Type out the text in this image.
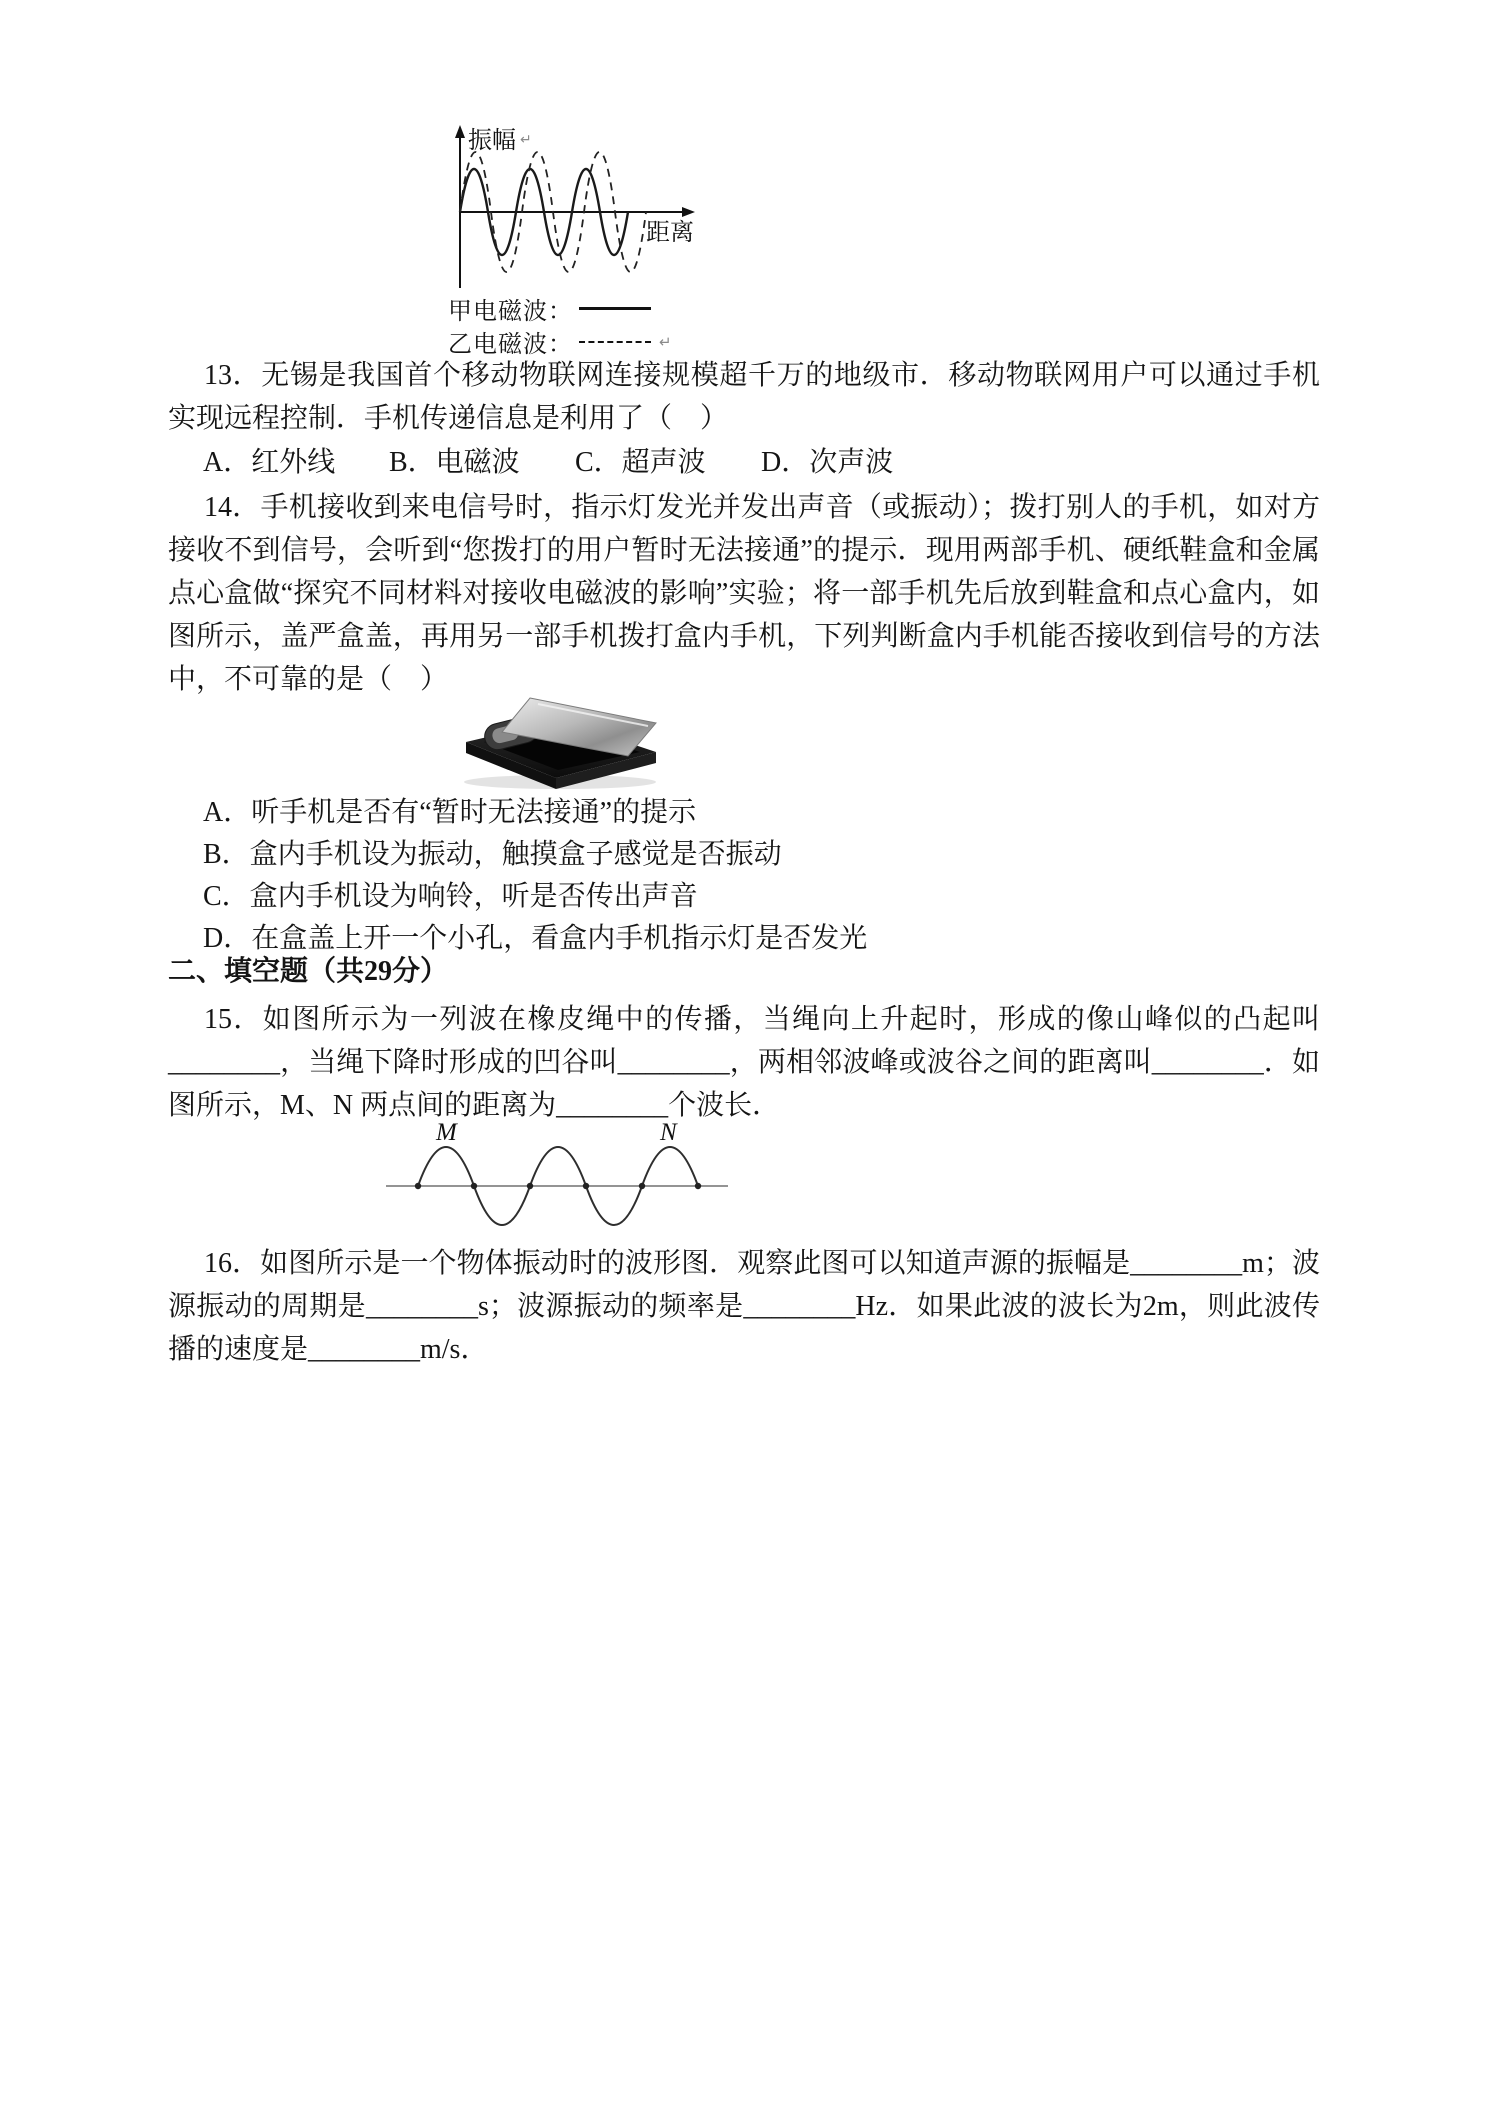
振幅 ↵
距离
甲电磁波：
乙电磁波：	↵

13．无锡是我国首个移动物联网连接规模超千万的地级市．移动物联网用户可以通过手机实现远程控制．手机传递信息是利用了（　）

A．红外线 B．电磁波 C．超声波 D．次声波

14．手机接收到来电信号时，指示灯发光并发出声音（或振动）；拨打别人的手机，如对方接收不到信号，会听到“您拨打的用户暂时无法接通”的提示．现用两部手机、硬纸鞋盒和金属点心盒做“探究不同材料对接收电磁波的影响”实验；将一部手机先后放到鞋盒和点心盒内，如图所示，盖严盒盖，再用另一部手机拨打盒内手机，下列判断盒内手机能否接收到信号的方法中，不可靠的是（　）

A．听手机是否有“暂时无法接通”的提示
B．盒内手机设为振动，触摸盒子感觉是否振动
C．盒内手机设为响铃，听是否传出声音
D．在盒盖上开一个小孔，看盒内手机指示灯是否发光
二、填空题（共29分）

15．如图所示为一列波在橡皮绳中的传播，当绳向上升起时，形成的像山峰似的凸起叫________，当绳下降时形成的凹谷叫________，两相邻波峰或波谷之间的距离叫________．如图所示，M、N 两点间的距离为________个波长．

M	N

16．如图所示是一个物体振动时的波形图．观察此图可以知道声源的振幅是________m；波源振动的周期是________s；波源振动的频率是________Hz．如果此波的波长为2m，则此波传播的速度是________m/s．
